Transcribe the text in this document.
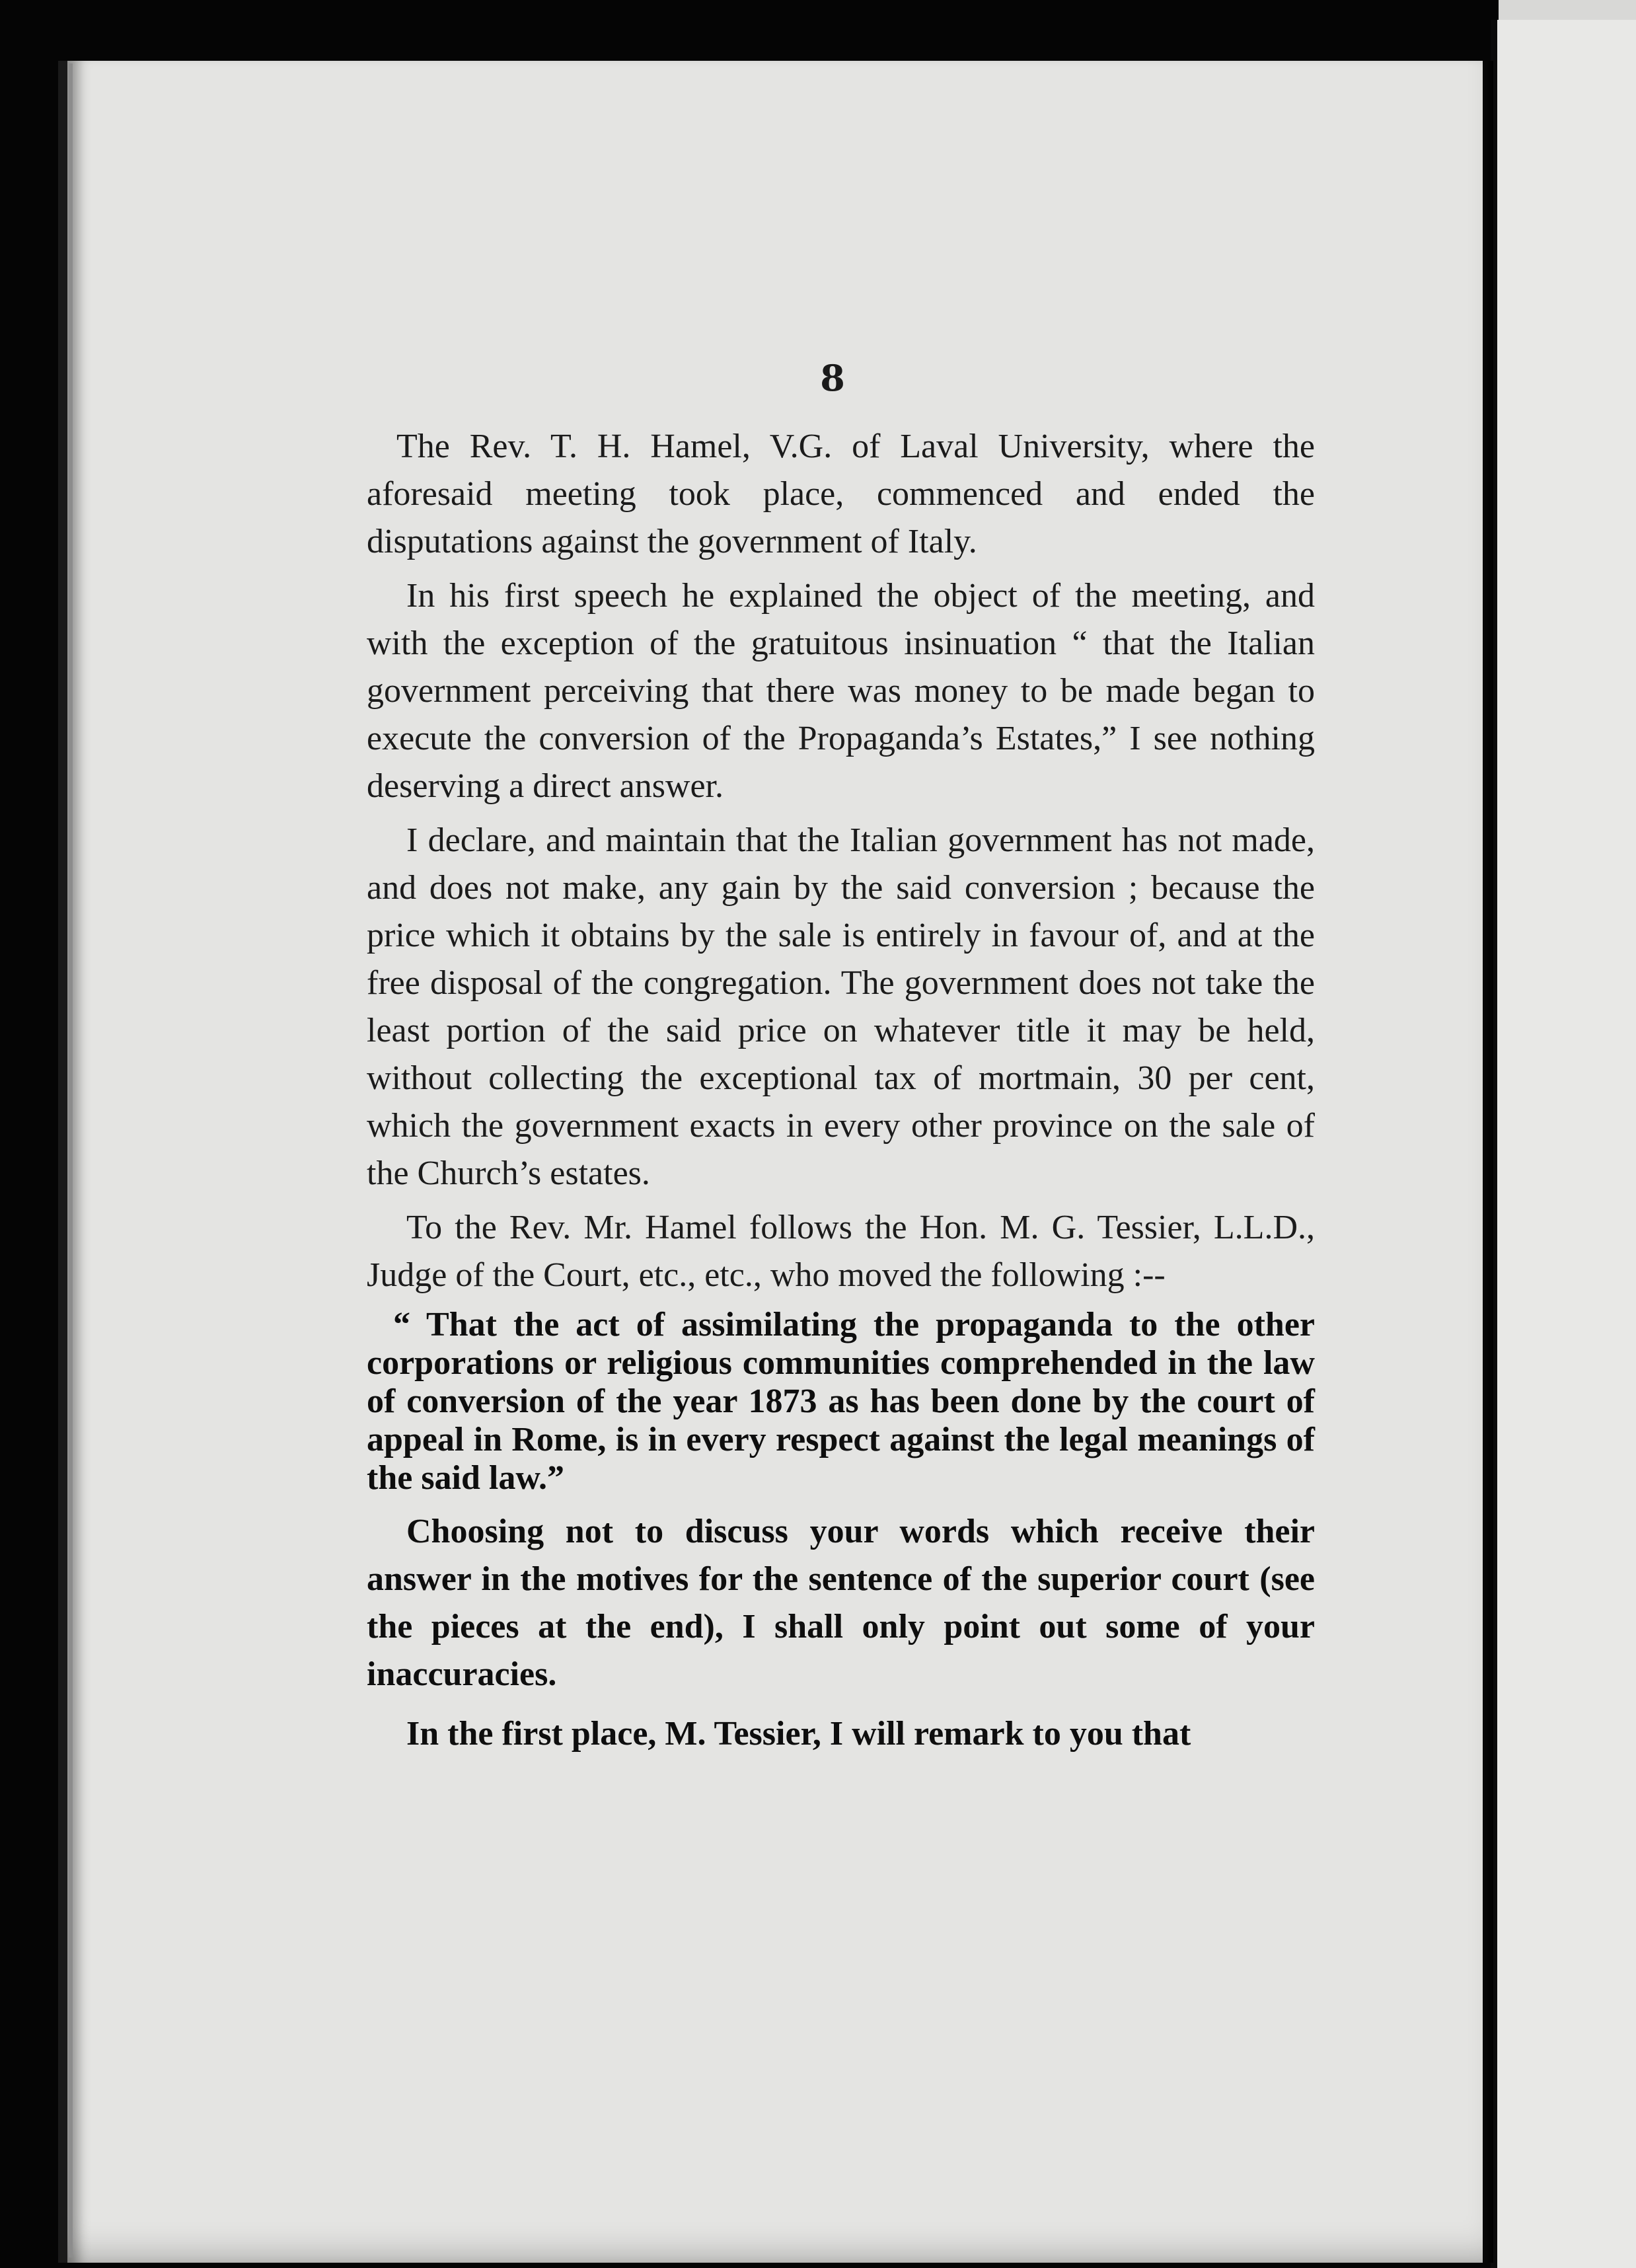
8

The Rev. T. H. Hamel, V.G. of Laval University, where the aforesaid meeting took place, commenced and ended the disputations against the government of Italy.

In his first speech he explained the object of the meeting, and with the exception of the gratuitous insinuation “ that the Italian government perceiving that there was money to be made began to execute the conversion of the Propaganda’s Estates,” I see nothing deserving a direct answer.

I declare, and maintain that the Italian government has not made, and does not make, any gain by the said conversion ; because the price which it obtains by the sale is entirely in favour of, and at the free disposal of the congregation. The government does not take the least portion of the said price on whatever title it may be held, without collecting the exceptional tax of mortmain, 30 per cent, which the government exacts in every other province on the sale of the Church’s estates.

To the Rev. Mr. Hamel follows the Hon. M. G. Tessier, L.L.D., Judge of the Court, etc., etc., who moved the following :--

“ That the act of assimilating the propaganda to the other corporations or religious communities comprehended in the law of conversion of the year 1873 as has been done by the court of appeal in Rome, is in every respect against the legal meanings of the said law.”

Choosing not to discuss your words which receive their answer in the motives for the sentence of the superior court (see the pieces at the end), I shall only point out some of your inaccuracies.

In the first place, M. Tessier, I will remark to you that
